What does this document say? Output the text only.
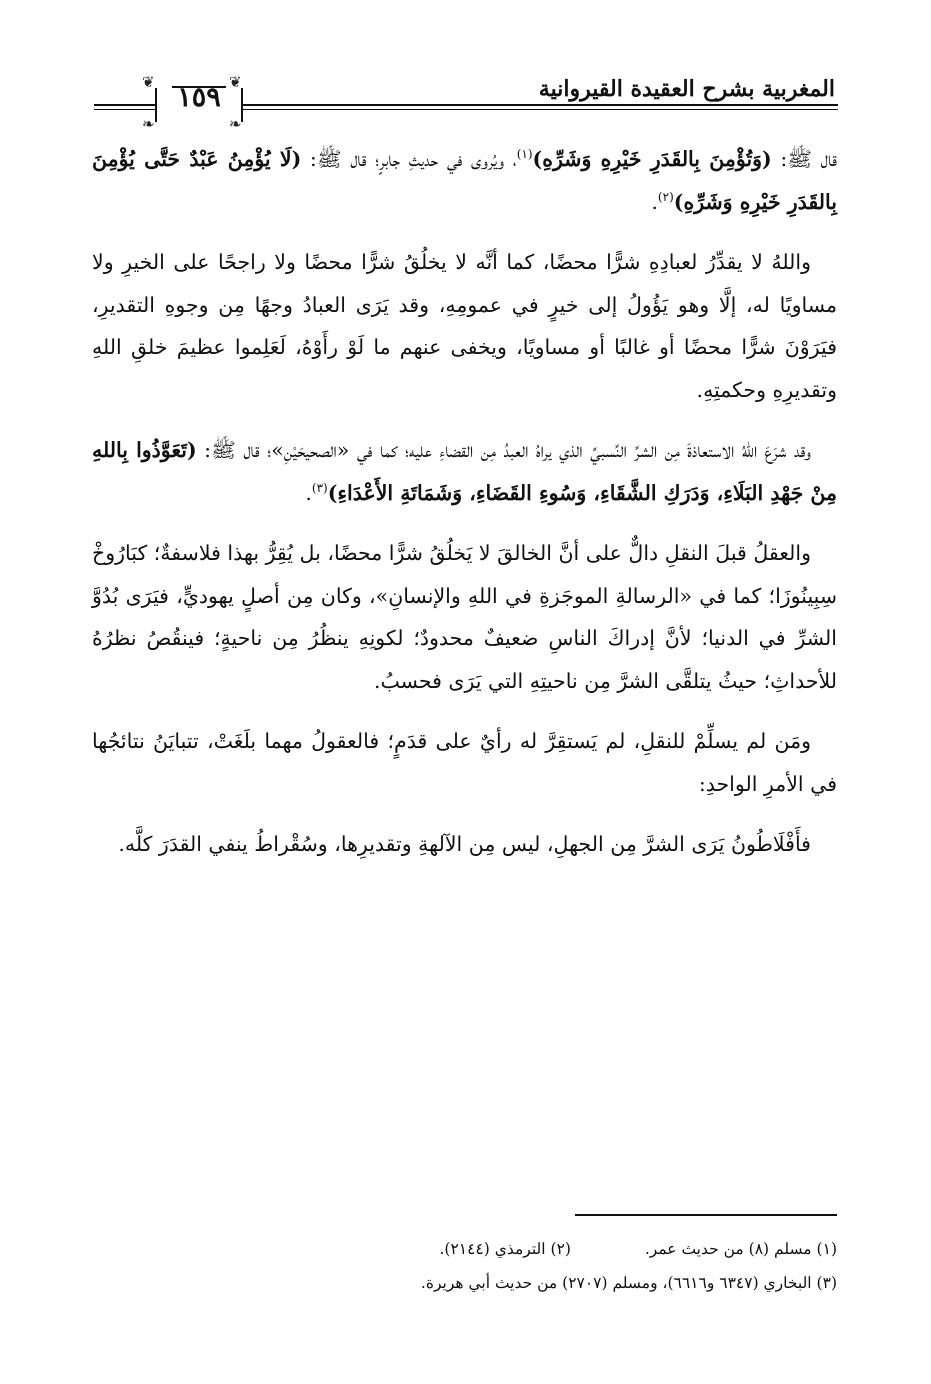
المغربية بشرح العقيدة القيروانية
❦	❦
❧	❧
١٥٩

قال ﷺ: (وَتُؤْمِنَ بِالقَدَرِ خَيْرِهِ وَشَرِّهِ)$^{(١)}$، ويُروى في حديثِ جابرٍ؛ قال ﷺ: (لَا يُؤْمِنُ عَبْدٌ حَتَّى يُؤْمِنَ بِالقَدَرِ خَيْرِهِ وَشَرِّهِ)$^{(٢)}$.

واللهُ لا يقدِّرُ لعبادِهِ شرًّا محضًا، كما أنَّه لا يخلُقُ شرًّا محضًا ولا راجحًا على الخيرِ ولا مساويًا له، إلَّا وهو يَؤُولُ إلى خيرٍ في عمومِهِ، وقد يَرَى العبادُ وجهًا مِن وجوهِ التقديرِ، فيَرَوْنَ شرًّا محضًا أو غالبًا أو مساويًا، ويخفى عنهم ما لَوْ رأَوْهُ، لَعَلِموا عظيمَ خلقِ اللهِ وتقديرِهِ وحكمتِهِ.

وقد شرَعَ اللهُ الاستعاذةَ مِن الشرِّ النِّسبيِّ الذي يراهُ العبدُ مِن القضاءِ عليه؛ كما في «الصحيحَيْنِ»؛ قال ﷺ: (تَعَوَّذُوا بِاللهِ مِنْ جَهْدِ البَلَاءِ، وَدَرَكِ الشَّقَاءِ، وَسُوءِ القَضَاءِ، وَشَمَاتَةِ الأَعْدَاءِ)$^{(٣)}$.

والعقلُ قبلَ النقلِ دالٌّ على أنَّ الخالقَ لا يَخلُقُ شرًّا محضًا، بل يُقِرُّ بهذا فلاسفةٌ؛ كبَارُوخْ سِبِينُوزَا؛ كما في «الرسالةِ الموجَزةِ في اللهِ والإنسانِ»، وكان مِن أصلٍ يهوديٍّ، فيَرَى بُدُوَّ الشرِّ في الدنيا؛ لأنَّ إدراكَ الناسِ ضعيفٌ محدودٌ؛ لكونِهِ ينظُرُ مِن ناحيةٍ؛ فينقُصُ نظرُهُ للأحداثِ؛ حيثُ يتلقَّى الشرَّ مِن ناحيتِهِ التي يَرَى فحسبُ.

ومَن لم يسلِّمْ للنقلِ، لم يَستقِرَّ له رأيٌ على قدَمٍ؛ فالعقولُ مهما بلَغَتْ، تتبايَنُ نتائجُها في الأمرِ الواحدِ:

فأَفْلَاطُونُ يَرَى الشرَّ مِن الجهلِ، ليس مِن الآلهةِ وتقديرِها، وسُقْراطُ ينفي القدَرَ كلَّه.

(١) مسلم (٨) من حديث عمر.  (٢) الترمذي (٢١٤٤).
(٣) البخاري (٦٣٤٧ و٦٦١٦)، ومسلم (٢٧٠٧) من حديث أبي هريرة.
